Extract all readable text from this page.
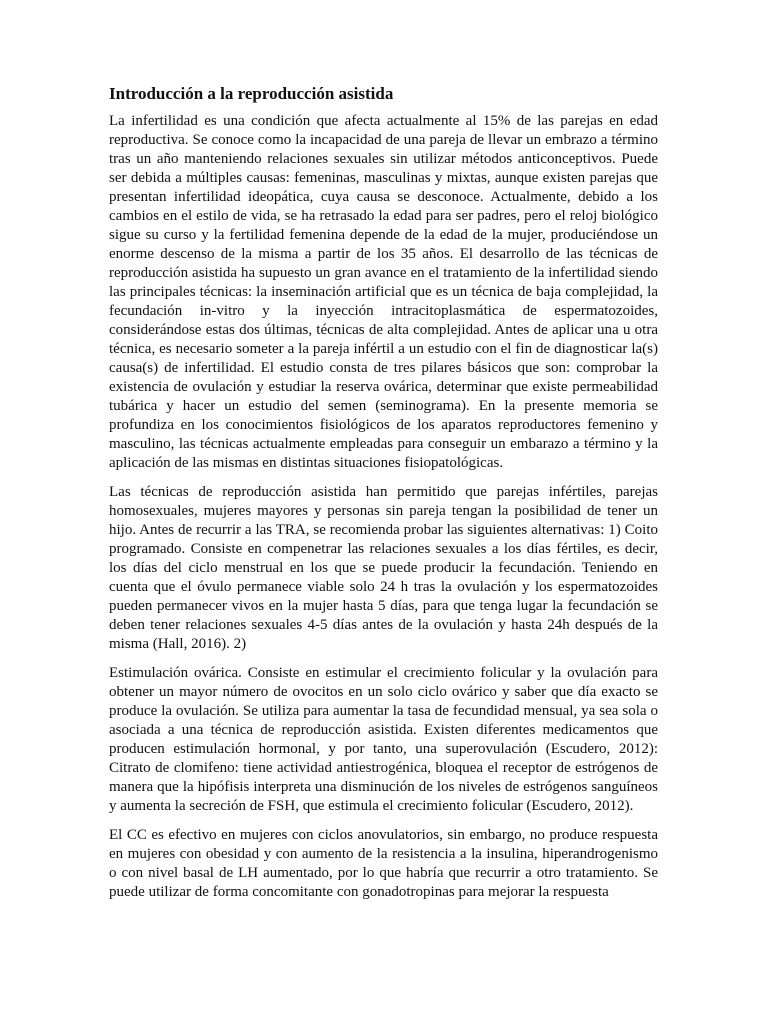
Introducción a la reproducción asistida

La infertilidad es una condición que afecta actualmente al 15% de las parejas en edad reproductiva. Se conoce como la incapacidad de una pareja de llevar un embrazo a término tras un año manteniendo relaciones sexuales sin utilizar métodos anticonceptivos. Puede ser debida a múltiples causas: femeninas, masculinas y mixtas, aunque existen parejas que presentan infertilidad ideopática, cuya causa se desconoce. Actualmente, debido a los cambios en el estilo de vida, se ha retrasado la edad para ser padres, pero el reloj biológico sigue su curso y la fertilidad femenina depende de la edad de la mujer, produciéndose un enorme descenso de la misma a partir de los 35 años. El desarrollo de las técnicas de reproducción asistida ha supuesto un gran avance en el tratamiento de la infertilidad siendo las principales técnicas: la inseminación artificial que es un técnica de baja complejidad, la fecundación in-vitro y la inyección intracitoplasmática de espermatozoides, considerándose estas dos últimas, técnicas de alta complejidad. Antes de aplicar una u otra técnica, es necesario someter a la pareja infértil a un estudio con el fin de diagnosticar la(s) causa(s) de infertilidad. El estudio consta de tres pilares básicos que son: comprobar la existencia de ovulación y estudiar la reserva ovárica, determinar que existe permeabilidad tubárica y hacer un estudio del semen (seminograma). En la presente memoria se profundiza en los conocimientos fisiológicos de los aparatos reproductores femenino y masculino, las técnicas actualmente empleadas para conseguir un embarazo a término y la aplicación de las mismas en distintas situaciones fisiopatológicas.

Las técnicas de reproducción asistida han permitido que parejas infértiles, parejas homosexuales, mujeres mayores y personas sin pareja tengan la posibilidad de tener un hijo. Antes de recurrir a las TRA, se recomienda probar las siguientes alternativas: 1) Coito programado. Consiste en compenetrar las relaciones sexuales a los días fértiles, es decir, los días del ciclo menstrual en los que se puede producir la fecundación. Teniendo en cuenta que el óvulo permanece viable solo 24 h tras la ovulación y los espermatozoides pueden permanecer vivos en la mujer hasta 5 días, para que tenga lugar la fecundación se deben tener relaciones sexuales 4-5 días antes de la ovulación y hasta 24h después de la misma (Hall, 2016). 2)

Estimulación ovárica. Consiste en estimular el crecimiento folicular y la ovulación para obtener un mayor número de ovocitos en un solo ciclo ovárico y saber que día exacto se produce la ovulación. Se utiliza para aumentar la tasa de fecundidad mensual, ya sea sola o asociada a una técnica de reproducción asistida. Existen diferentes medicamentos que producen estimulación hormonal, y por tanto, una superovulación (Escudero, 2012): Citrato de clomifeno: tiene actividad antiestrogénica, bloquea el receptor de estrógenos de manera que la hipófisis interpreta una disminución de los niveles de estrógenos sanguíneos y aumenta la secreción de FSH, que estimula el crecimiento folicular (Escudero, 2012).

El CC es efectivo en mujeres con ciclos anovulatorios, sin embargo, no produce respuesta en mujeres con obesidad y con aumento de la resistencia a la insulina, hiperandrogenismo o con nivel basal de LH aumentado, por lo que habría que recurrir a otro tratamiento. Se puede utilizar de forma concomitante con gonadotropinas para mejorar la respuesta
